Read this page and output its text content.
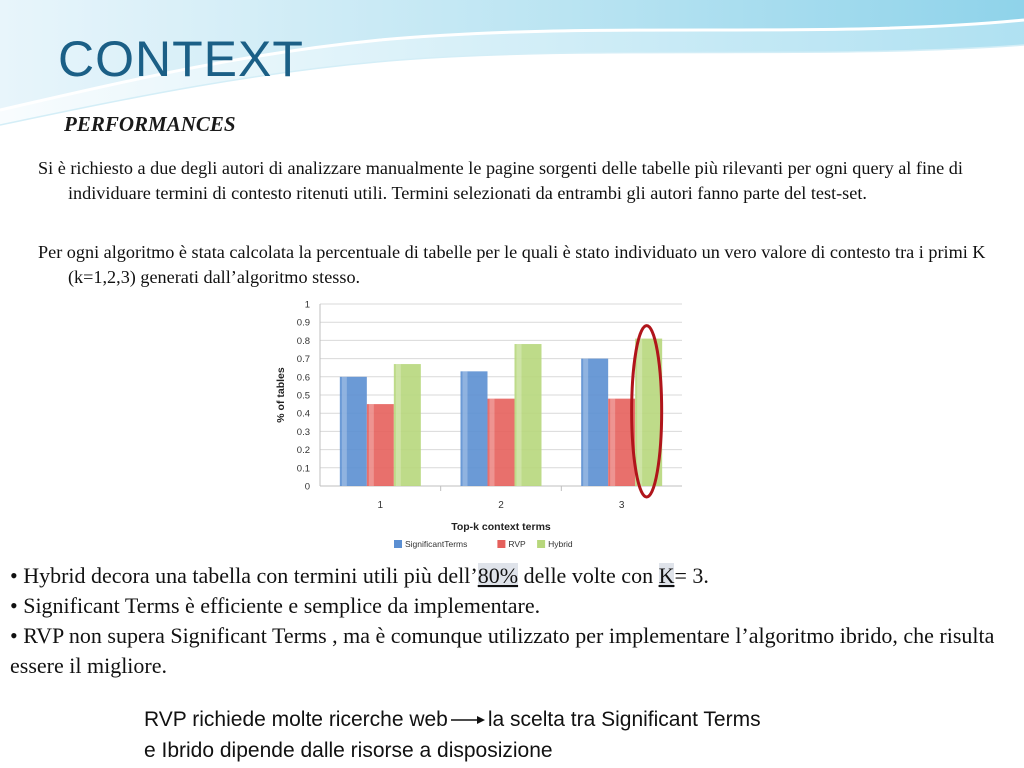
CONTEXT
PERFORMANCES
Si è richiesto a due degli autori di analizzare manualmente le pagine sorgenti delle tabelle più rilevanti per ogni query al fine di individuare termini di contesto ritenuti utili. Termini selezionati da entrambi gli autori fanno parte del test-set.
Per ogni algoritmo è stata calcolata la percentuale di tabelle per le quali è stato individuato un vero valore di contesto tra i primi K (k=1,2,3) generati dall’algoritmo stesso.
0
0.1
0.2
0.3
0.4
0.5
0.6
0.7
0.8
0.9
1
1	2	3
Top-k context terms
% of tables
SignificantTerms	RVP	Hybrid
• Hybrid decora una tabella con termini utili più dell’80% delle volte con K= 3.
• Significant Terms è efficiente e semplice da implementare.
• RVP non supera Significant Terms , ma è comunque utilizzato per implementare l’algoritmo ibrido, che risulta essere il migliore.
RVP richiede molte ricerche web la scelta tra Significant Terms
e Ibrido dipende dalle risorse a disposizione
